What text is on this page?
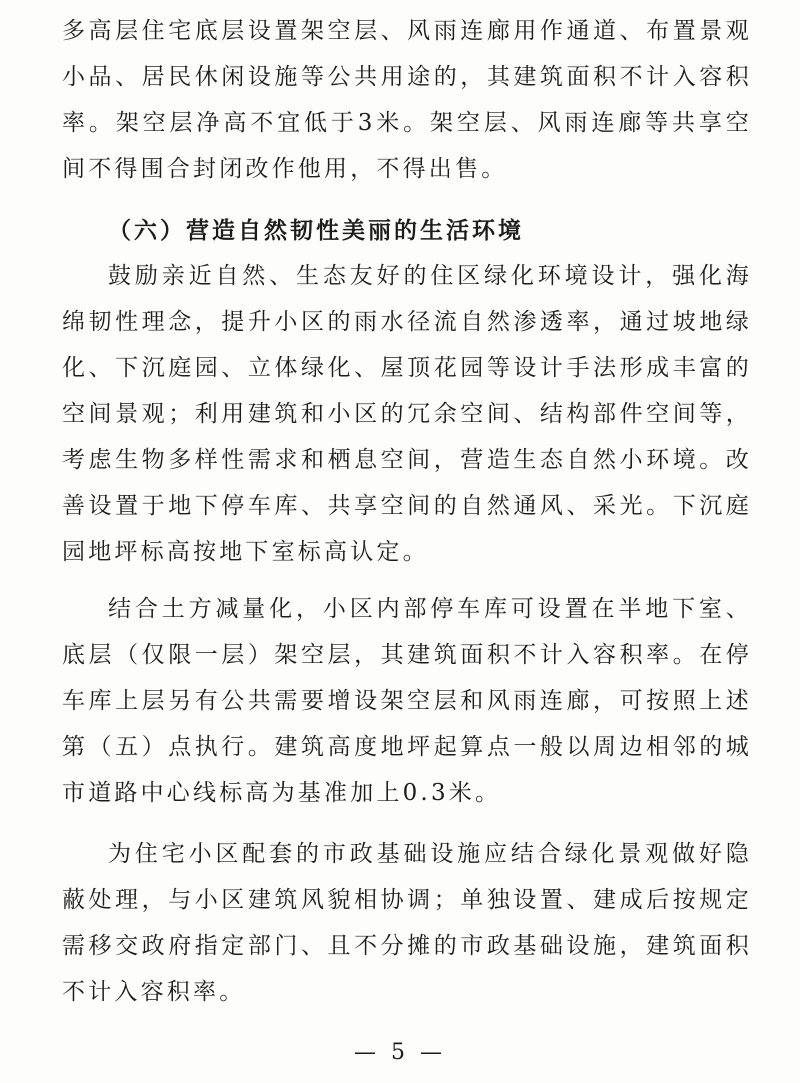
多高层住宅底层设置架空层、风雨连廊用作通道、布置景观小品、居民休闲设施等公共用途的，其建筑面积不计入容积率。架空层净高不宜低于3米。架空层、风雨连廊等共享空间不得围合封闭改作他用，不得出售。

（六）营造自然韧性美丽的生活环境

鼓励亲近自然、生态友好的住区绿化环境设计，强化海绵韧性理念，提升小区的雨水径流自然渗透率，通过坡地绿化、下沉庭园、立体绿化、屋顶花园等设计手法形成丰富的空间景观；利用建筑和小区的冗余空间、结构部件空间等，考虑生物多样性需求和栖息空间，营造生态自然小环境。改善设置于地下停车库、共享空间的自然通风、采光。下沉庭园地坪标高按地下室标高认定。

结合土方减量化，小区内部停车库可设置在半地下室、底层（仅限一层）架空层，其建筑面积不计入容积率。在停车库上层另有公共需要增设架空层和风雨连廊，可按照上述第（五）点执行。建筑高度地坪起算点一般以周边相邻的城市道路中心线标高为基准加上0.3米。

为住宅小区配套的市政基础设施应结合绿化景观做好隐蔽处理，与小区建筑风貌相协调；单独设置、建成后按规定需移交政府指定部门、且不分摊的市政基础设施，建筑面积不计入容积率。

— 5 —
